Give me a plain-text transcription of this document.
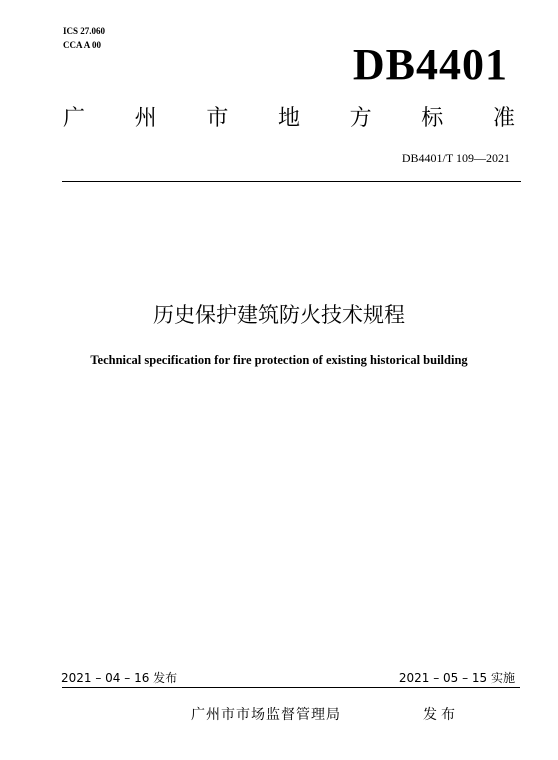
ICS 27.060
CCA A 00	DB4401
广 州 市 地 方 标 准
DB4401/T 109—2021
历史保护建筑防火技术规程
Technical specification for fire protection of existing historical building
2021 – 04 – 16 发布	2021 – 05 – 15 实施
广州市市场监督管理局	发布
